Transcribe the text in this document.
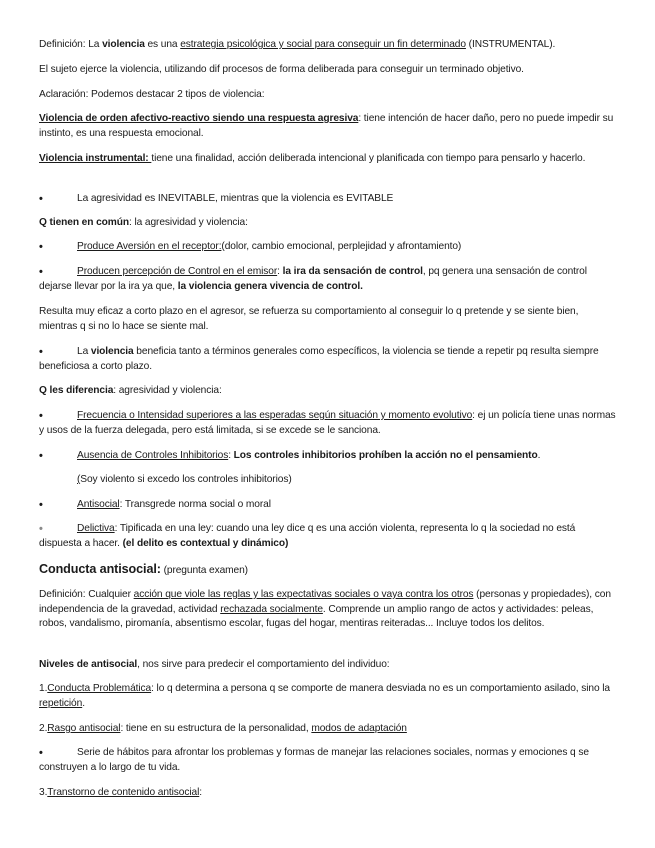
Definición: La violencia es una estrategia psicológica y social para conseguir un fin determinado (INSTRUMENTAL).

El sujeto ejerce la violencia, utilizando dif procesos de forma deliberada para conseguir un terminado objetivo.

Aclaración: Podemos destacar 2 tipos de violencia:

Violencia de orden afectivo-reactivo siendo una respuesta agresiva: tiene intención de hacer daño, pero no puede impedir su instinto, es una respuesta emocional.

Violencia instrumental: tiene una finalidad, acción deliberada intencional y planificada con tiempo para pensarlo y hacerlo.

•	La agresividad es INEVITABLE, mientras que la violencia es EVITABLE

Q tienen en común: la agresividad y violencia:

•	Produce Aversión en el receptor:(dolor, cambio emocional, perplejidad y afrontamiento)

•	Producen percepción de Control en el emisor: la ira da sensación de control, pq genera una sensación de control dejarse llevar por la ira ya que, la violencia genera vivencia de control.

Resulta muy eficaz a corto plazo en el agresor, se refuerza su comportamiento al conseguir lo q pretende y se siente bien, mientras q si no lo hace se siente mal.

•	La violencia beneficia tanto a términos generales como específicos, la violencia se tiende a repetir pq resulta siempre beneficiosa a corto plazo.

Q les diferencia: agresividad y violencia:

•	Frecuencia o Intensidad superiores a las esperadas según situación y momento evolutivo: ej un policía tiene unas normas y usos de la fuerza delegada, pero está limitada, si se excede se le sanciona.

•	Ausencia de Controles Inhibitorios: Los controles inhibitorios prohíben la acción no el pensamiento.

(Soy violento si excedo los controles inhibitorios)

•	Antisocial: Transgrede norma social o moral

•	Delictiva: Tipificada en una ley: cuando una ley dice q es una acción violenta, representa lo q la sociedad no está dispuesta a hacer. (el delito es contextual y dinámico)

Conducta antisocial: (pregunta examen)

Definición: Cualquier acción que viole las reglas y las expectativas sociales o vaya contra los otros (personas y propiedades), con independencia de la gravedad, actividad rechazada socialmente. Comprende un amplio rango de actos y actividades: peleas, robos, vandalismo, piromanía, absentismo escolar, fugas del hogar, mentiras reiteradas... Incluye todos los delitos.

Niveles de antisocial, nos sirve para predecir el comportamiento del individuo:

1.Conducta Problemática: lo q determina a persona q se comporte de manera desviada no es un comportamiento asilado, sino la repetición.

2.Rasgo antisocial: tiene en su estructura de la personalidad, modos de adaptación

•	Serie de hábitos para afrontar los problemas y formas de manejar las relaciones sociales, normas y emociones q se construyen a lo largo de tu vida.

3.Transtorno de contenido antisocial:
